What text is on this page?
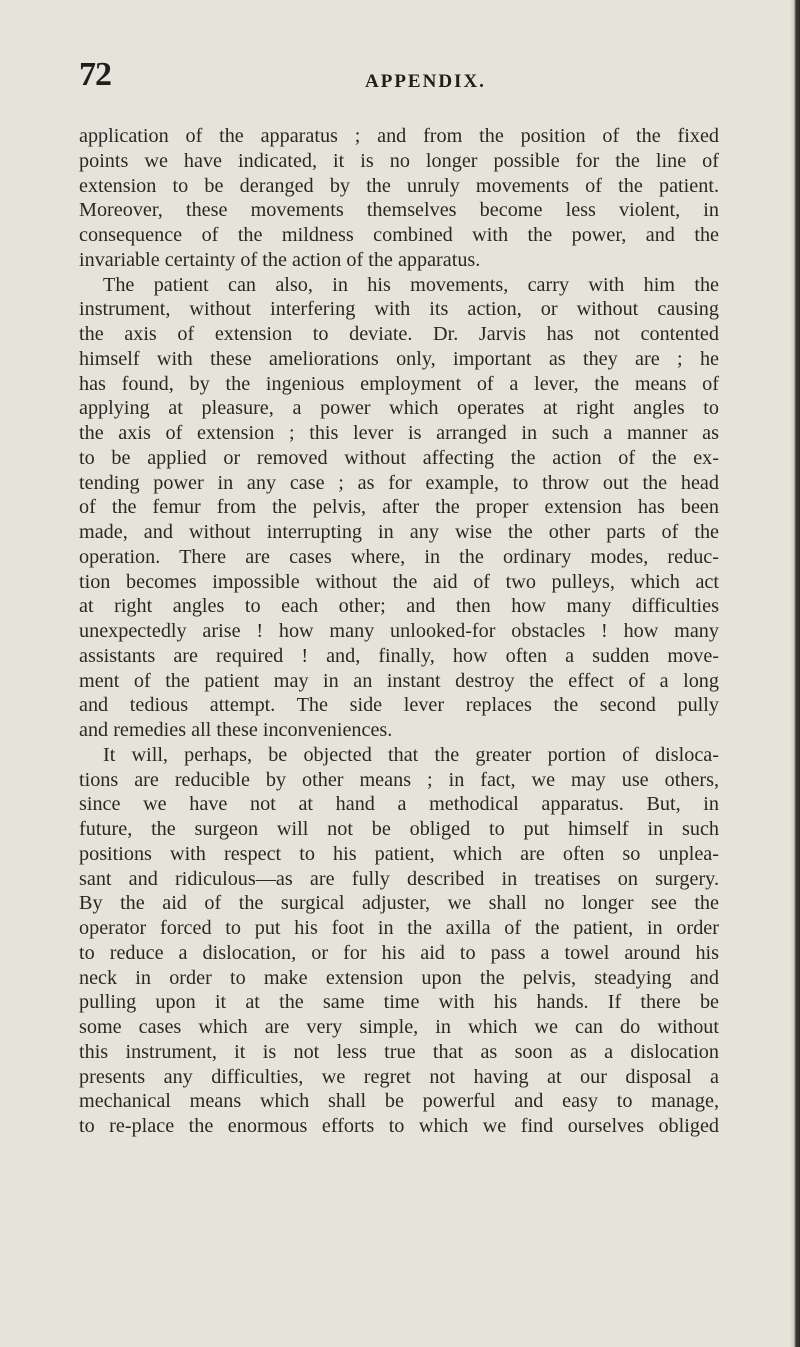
72	APPENDIX.
application of the apparatus ; and from the position of the fixed
points we have indicated, it is no longer possible for the line of
extension to be deranged by the unruly movements of the patient.
Moreover, these movements themselves become less violent, in
consequence of the mildness combined with the power, and the
invariable certainty of the action of the apparatus.
The patient can also, in his movements, carry with him the
instrument, without interfering with its action, or without causing
the axis of extension to deviate. Dr. Jarvis has not contented
himself with these ameliorations only, important as they are ; he
has found, by the ingenious employment of a lever, the means of
applying at pleasure, a power which operates at right angles to
the axis of extension ; this lever is arranged in such a manner as
to be applied or removed without affecting the action of the ex-
tending power in any case ; as for example, to throw out the head
of the femur from the pelvis, after the proper extension has been
made, and without interrupting in any wise the other parts of the
operation. There are cases where, in the ordinary modes, reduc-
tion becomes impossible without the aid of two pulleys, which act
at right angles to each other; and then how many difficulties
unexpectedly arise ! how many unlooked-for obstacles ! how many
assistants are required ! and, finally, how often a sudden move-
ment of the patient may in an instant destroy the effect of a long
and tedious attempt. The side lever replaces the second pully
and remedies all these inconveniences.
It will, perhaps, be objected that the greater portion of disloca-
tions are reducible by other means ; in fact, we may use others,
since we have not at hand a methodical apparatus. But, in
future, the surgeon will not be obliged to put himself in such
positions with respect to his patient, which are often so unplea-
sant and ridiculous—as are fully described in treatises on surgery.
By the aid of the surgical adjuster, we shall no longer see the
operator forced to put his foot in the axilla of the patient, in order
to reduce a dislocation, or for his aid to pass a towel around his
neck in order to make extension upon the pelvis, steadying and
pulling upon it at the same time with his hands. If there be
some cases which are very simple, in which we can do without
this instrument, it is not less true that as soon as a dislocation
presents any difficulties, we regret not having at our disposal a
mechanical means which shall be powerful and easy to manage,
to re-place the enormous efforts to which we find ourselves obliged
